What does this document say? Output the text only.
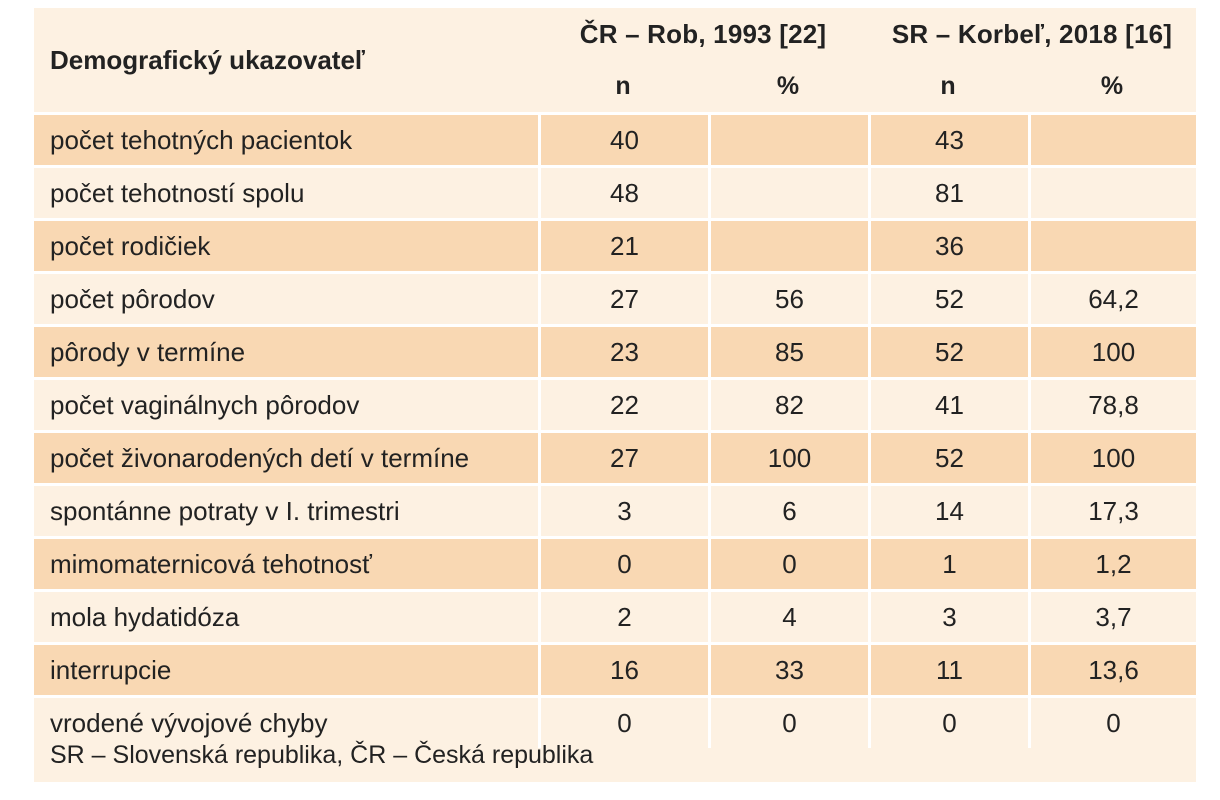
Demografický ukazovateľ	ČR – Rob, 1993 [22]		SR – Korbeľ, 2018 [16]	
	n	%	n	%
počet tehotných pacientok	40		43	
počet tehotností spolu	48		81	
počet rodičiek	21		36	
počet pôrodov	27	56	52	64,2
pôrody v termíne	23	85	52	100
počet vaginálnych pôrodov	22	82	41	78,8
počet živonarodených detí v termíne	27	100	52	100
spontánne potraty v I. trimestri	3	6	14	17,3
mimomaternicová tehotnosť	0	0	1	1,2
mola hydatidóza	2	4	3	3,7
interrupcie	16	33	11	13,6
vrodené vývojové chyby	0	0	0	0
SR – Slovenská republika, ČR – Česká republika
